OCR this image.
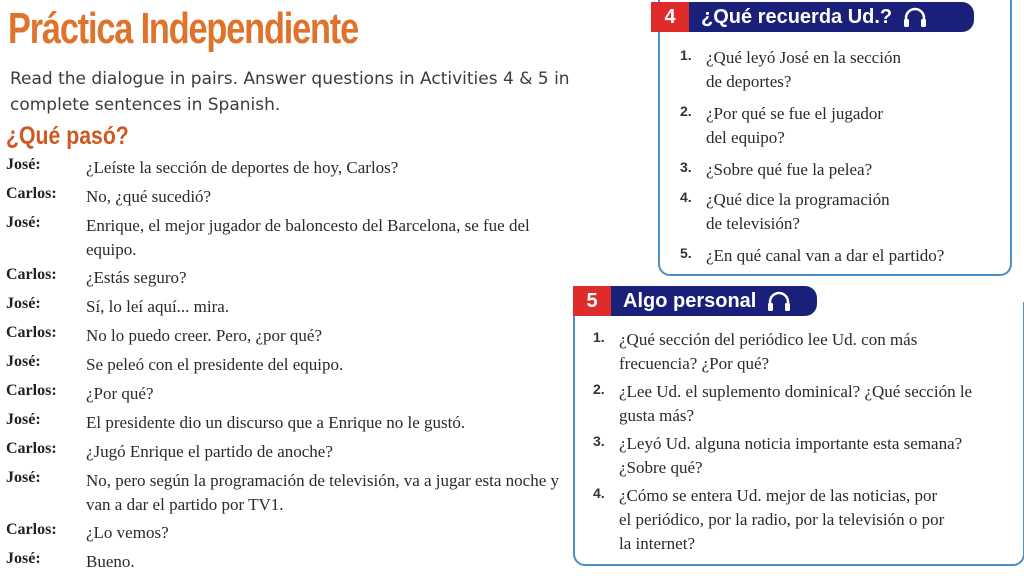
Práctica Independiente
Read the dialogue in pairs. Answer questions in Activities 4 & 5 in complete sentences in Spanish.
¿Qué pasó?
José:	¿Leíste la sección de deportes de hoy, Carlos?
Carlos: No, ¿qué sucedió?
José:	Enrique, el mejor jugador de baloncesto del Barcelona, se fue del equipo.
Carlos: ¿Estás seguro?
José:	Sí, lo leí aquí... mira.
Carlos: No lo puedo creer. Pero, ¿por qué?
José:	Se peleó con el presidente del equipo.
Carlos: ¿Por qué?
José:	El presidente dio un discurso que a Enrique no le gustó.
Carlos: ¿Jugó Enrique el partido de anoche?
José:	No, pero según la programación de televisión, va a jugar esta noche y van a dar el partido por TV1.
Carlos: ¿Lo vemos?
José:	Bueno.
4	¿Qué recuerda Ud.?
1. ¿Qué leyó José en la sección
de deportes?
2. ¿Por qué se fue el jugador
del equipo?
3. ¿Sobre qué fue la pelea?
4. ¿Qué dice la programación
de televisión?
5. ¿En qué canal van a dar el partido?
5	Algo personal
1. ¿Qué sección del periódico lee Ud. con más
frecuencia? ¿Por qué?
2. ¿Lee Ud. el suplemento dominical? ¿Qué sección le
gusta más?
3. ¿Leyó Ud. alguna noticia importante esta semana?
¿Sobre qué?
4. ¿Cómo se entera Ud. mejor de las noticias, por
el periódico, por la radio, por la televisión o por
la internet?
